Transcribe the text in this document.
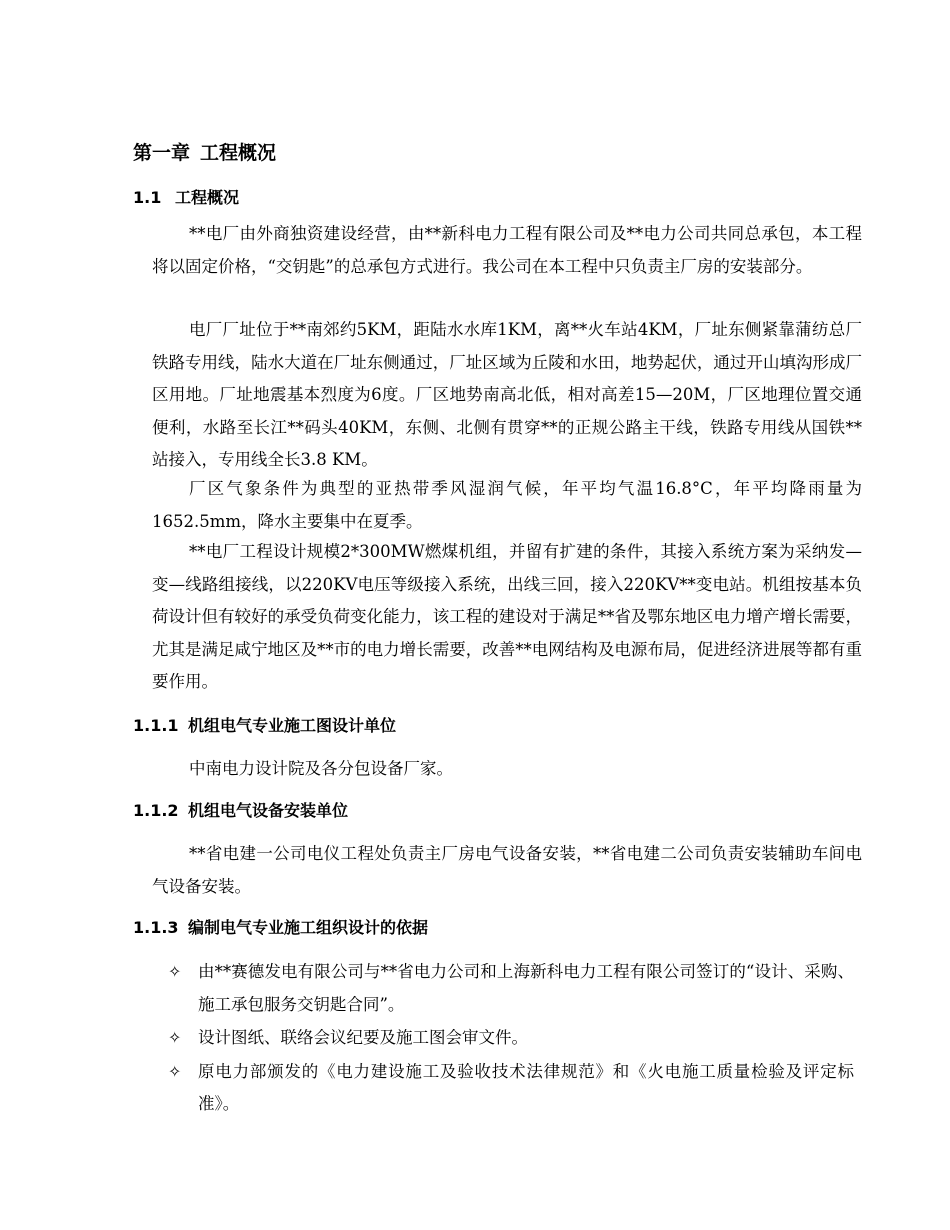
第一章 工程概况
1.1 工程概况

**电厂由外商独资建设经营，由**新科电力工程有限公司及**电力公司共同总承包，本工程将以固定价格，“交钥匙”的总承包方式进行。我公司在本工程中只负责主厂房的安装部分。

电厂厂址位于**南郊约5KM，距陆水水库1KM，离**火车站4KM，厂址东侧紧靠蒲纺总厂铁路专用线，陆水大道在厂址东侧通过，厂址区域为丘陵和水田，地势起伏，通过开山填沟形成厂区用地。厂址地震基本烈度为6度。厂区地势南高北低，相对高差15—20M，厂区地理位置交通便利，水路至长江**码头40KM，东侧、北侧有贯穿**的正规公路主干线，铁路专用线从国铁**站接入，专用线全长3.8 KM。

厂区气象条件为典型的亚热带季风湿润气候，年平均气温16.8°C，年平均降雨量为1652.5mm，降水主要集中在夏季。

**电厂工程设计规模2*300MW燃煤机组，并留有扩建的条件，其接入系统方案为采纳发—变—线路组接线，以220KV电压等级接入系统，出线三回，接入220KV**变电站。机组按基本负荷设计但有较好的承受负荷变化能力，该工程的建设对于满足**省及鄂东地区电力增产增长需要，尤其是满足咸宁地区及**市的电力增长需要，改善**电网结构及电源布局，促进经济进展等都有重要作用。

1.1.1 机组电气专业施工图设计单位

中南电力设计院及各分包设备厂家。

1.1.2 机组电气设备安装单位

**省电建一公司电仪工程处负责主厂房电气设备安装，**省电建二公司负责安装辅助车间电气设备安装。

1.1.3 编制电气专业施工组织设计的依据
✧ 由**赛德发电有限公司与**省电力公司和上海新科电力工程有限公司签订的“设计、采购、施工承包服务交钥匙合同”。
✧ 设计图纸、联络会议纪要及施工图会审文件。
✧ 原电力部颁发的《电力建设施工及验收技术法律规范》和《火电施工质量检验及评定标准》。
